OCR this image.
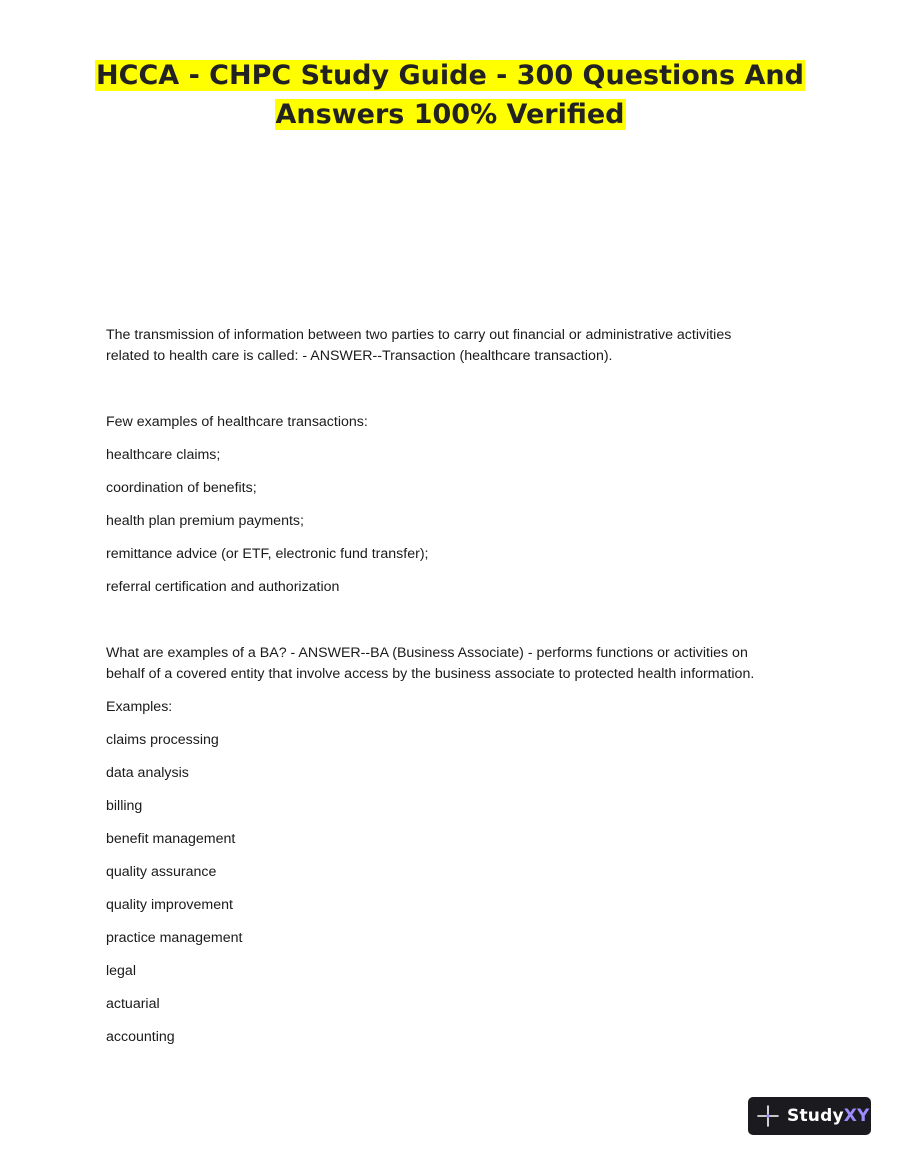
HCCA - CHPC Study Guide - 300 Questions And
Answers 100% Verified

The transmission of information between two parties to carry out financial or administrative activities

related to health care is called: - ANSWER--Transaction (healthcare transaction).

Few examples of healthcare transactions:

healthcare claims;

coordination of benefits;

health plan premium payments;

remittance advice (or ETF, electronic fund transfer);

referral certification and authorization

What are examples of a BA? - ANSWER--BA (Business Associate) - performs functions or activities on

behalf of a covered entity that involve access by the business associate to protected health information.

Examples:

claims processing

data analysis

billing

benefit management

quality assurance

quality improvement

practice management

legal

actuarial

accounting

StudyXY
